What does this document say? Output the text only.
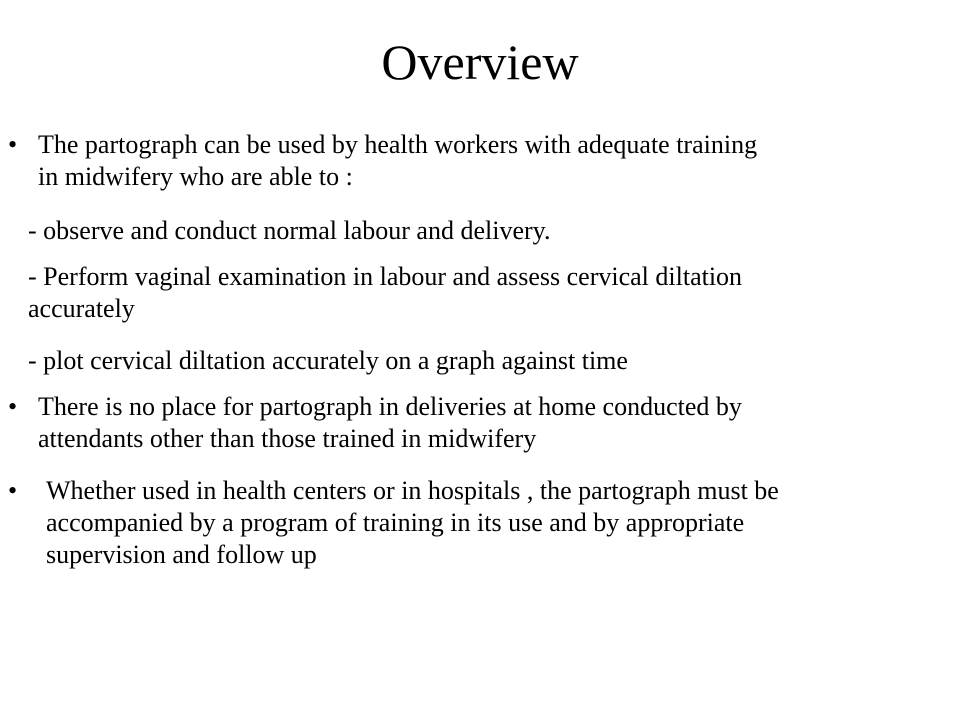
Overview
• The partograph can be used by health workers with adequate training
in midwifery who are able to :
- observe and conduct normal labour and delivery.
- Perform vaginal examination in labour and assess cervical diltation
accurately
- plot cervical diltation accurately on a graph against time
• There is no place for partograph in deliveries at home conducted by
attendants other than those trained in midwifery
• Whether used in health centers or in hospitals , the partograph must be
accompanied by a program of training in its use and by appropriate
supervision and follow up
